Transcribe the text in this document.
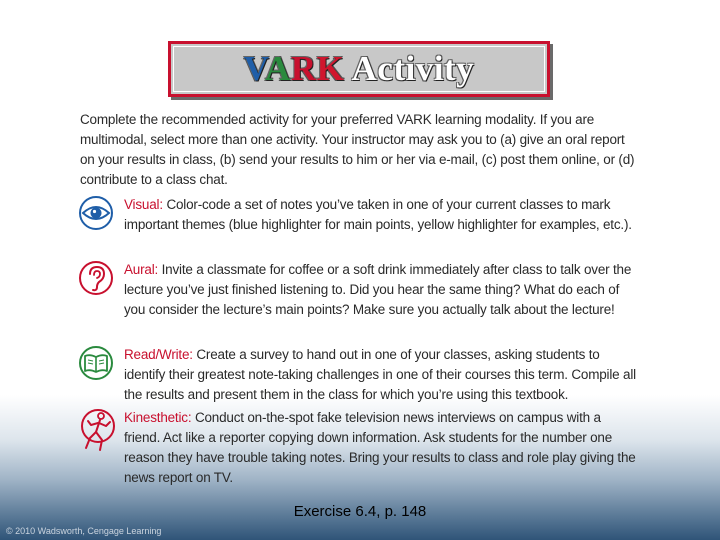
VARK Activity
Complete the recommended activity for your preferred VARK learning modality. If you are multimodal, select more than one activity. Your instructor may ask you to (a) give an oral report on your results in class, (b) send your results to him or her via e-mail, (c) post them online, or (d) contribute to a class chat.
Visual: Color-code a set of notes you’ve taken in one of your current classes to mark important themes (blue highlighter for main points, yellow highlighter for examples, etc.).
Aural: Invite a classmate for coffee or a soft drink immediately after class to talk over the lecture you’ve just finished listening to. Did you hear the same thing? What do each of you consider the lecture’s main points? Make sure you actually talk about the lecture!
Read/Write: Create a survey to hand out in one of your classes, asking students to identify their greatest note-taking challenges in one of their courses this term. Compile all the results and present them in the class for which you’re using this textbook.
Kinesthetic: Conduct on-the-spot fake television news interviews on campus with a friend. Act like a reporter copying down information. Ask students for the number one reason they have trouble taking notes. Bring your results to class and role play giving the news report on TV.
Exercise 6.4, p. 148
© 2010 Wadsworth, Cengage Learning
